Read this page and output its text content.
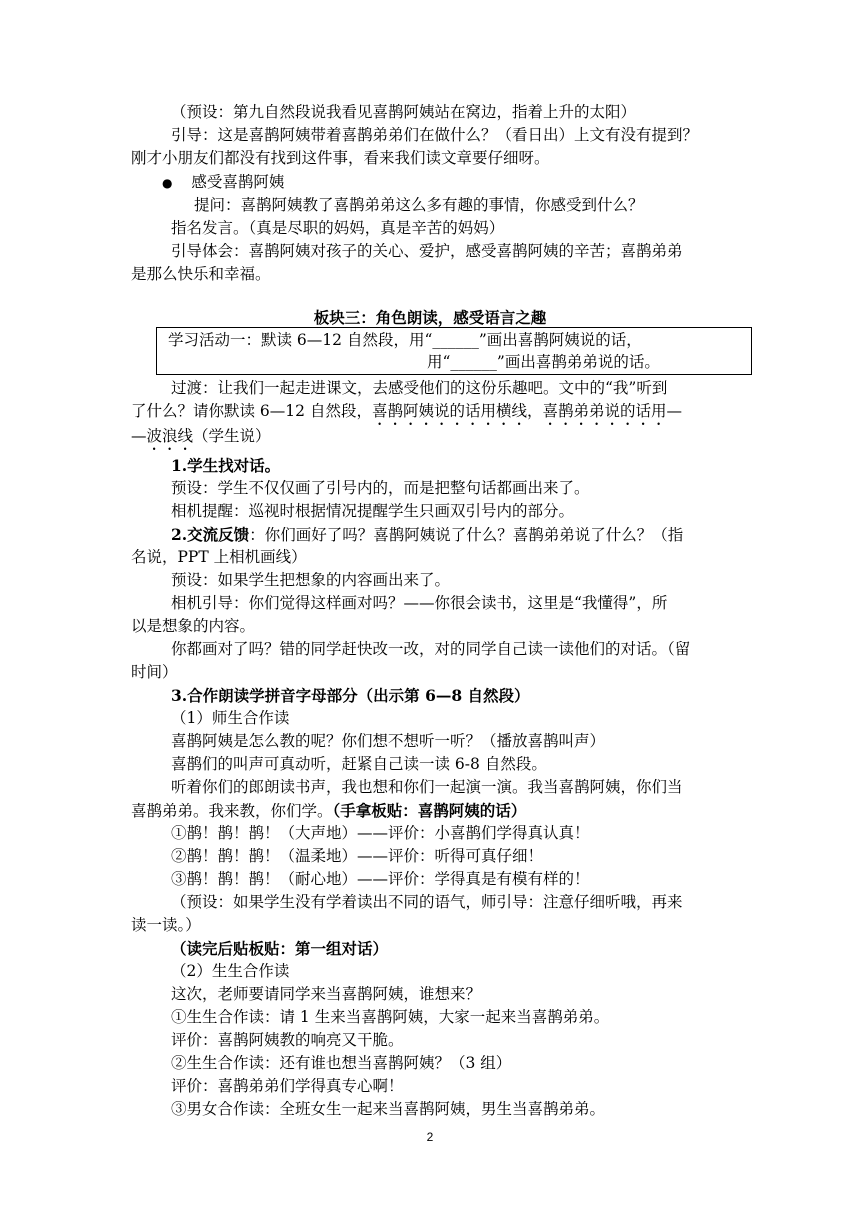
（预设：第九自然段说我看见喜鹊阿姨站在窝边，指着上升的太阳）
引导：这是喜鹊阿姨带着喜鹊弟弟们在做什么？（看日出）上文有没有提到？
刚才小朋友们都没有找到这件事，看来我们读文章要仔细呀。
● 感受喜鹊阿姨
提问：喜鹊阿姨教了喜鹊弟弟这么多有趣的事情，你感受到什么？
指名发言。（真是尽职的妈妈，真是辛苦的妈妈）
引导体会：喜鹊阿姨对孩子的关心、爱护，感受喜鹊阿姨的辛苦；喜鹊弟弟
是那么快乐和幸福。
板块三：角色朗读，感受语言之趣
学习活动一：默读 6—12 自然段，用“______”画出喜鹊阿姨说的话，
用“______”画出喜鹊弟弟说的话。
过渡：让我们一起走进课文，去感受他们的这份乐趣吧。文中的“我”听到
了什么？请你默读 6—12 自然段，喜鹊阿姨说的话用横线，喜鹊弟弟说的话用—
—波浪线（学生说）
1.学生找对话。
预设：学生不仅仅画了引号内的，而是把整句话都画出来了。
相机提醒：巡视时根据情况提醒学生只画双引号内的部分。
2.交流反馈：你们画好了吗？喜鹊阿姨说了什么？喜鹊弟弟说了什么？（指
名说，PPT 上相机画线）
预设：如果学生把想象的内容画出来了。
相机引导：你们觉得这样画对吗？——你很会读书，这里是“我懂得”，所
以是想象的内容。
你都画对了吗？错的同学赶快改一改，对的同学自己读一读他们的对话。（留
时间）
3.合作朗读学拼音字母部分（出示第 6—8 自然段）
（1）师生合作读
喜鹊阿姨是怎么教的呢？你们想不想听一听？（播放喜鹊叫声）
喜鹊们的叫声可真动听，赶紧自己读一读 6-8 自然段。
听着你们的郎朗读书声，我也想和你们一起演一演。我当喜鹊阿姨，你们当
喜鹊弟弟。我来教，你们学。（手拿板贴：喜鹊阿姨的话）
①鹊！鹊！鹊！（大声地）——评价：小喜鹊们学得真认真！
②鹊！鹊！鹊！（温柔地）——评价：听得可真仔细！
③鹊！鹊！鹊！（耐心地）——评价：学得真是有模有样的！
（预设：如果学生没有学着读出不同的语气，师引导：注意仔细听哦，再来
读一读。）
（读完后贴板贴：第一组对话）
（2）生生合作读
这次，老师要请同学来当喜鹊阿姨，谁想来？
①生生合作读：请 1 生来当喜鹊阿姨，大家一起来当喜鹊弟弟。
评价：喜鹊阿姨教的响亮又干脆。
②生生合作读：还有谁也想当喜鹊阿姨？（3 组）
评价：喜鹊弟弟们学得真专心啊！
③男女合作读：全班女生一起来当喜鹊阿姨，男生当喜鹊弟弟。
2
